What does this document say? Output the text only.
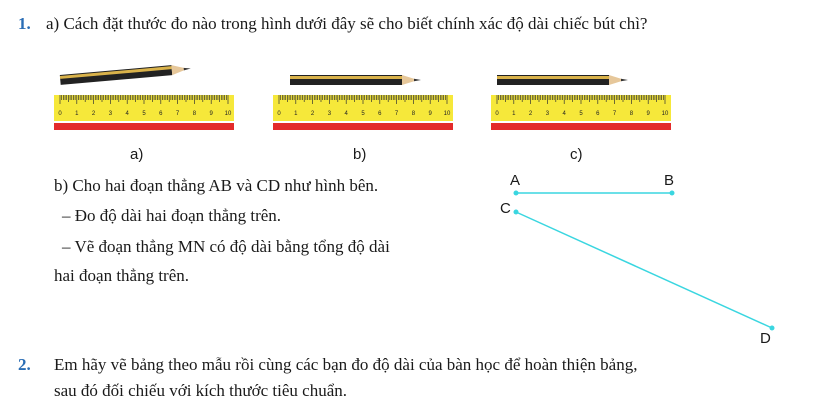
1. a) Cách đặt thước đo nào trong hình dưới đây sẽ cho biết chính xác độ dài chiếc bút chì?
0 1 2 3 4 5 6 7 8 9 10	0 1 2 3 4 5 6 7 8 9 10	0 1 2 3 4 5 6 7 8 9 10
a)	b)	c)
b) Cho hai đoạn thẳng AB và CD như hình bên.
– Đo độ dài hai đoạn thẳng trên.
– Vẽ đoạn thẳng MN có độ dài bằng tổng độ dài
hai đoạn thẳng trên.
A	B
C
D
2. Em hãy vẽ bảng theo mẫu rồi cùng các bạn đo độ dài của bàn học để hoàn thiện bảng,
sau đó đối chiếu với kích thước tiêu chuẩn.
